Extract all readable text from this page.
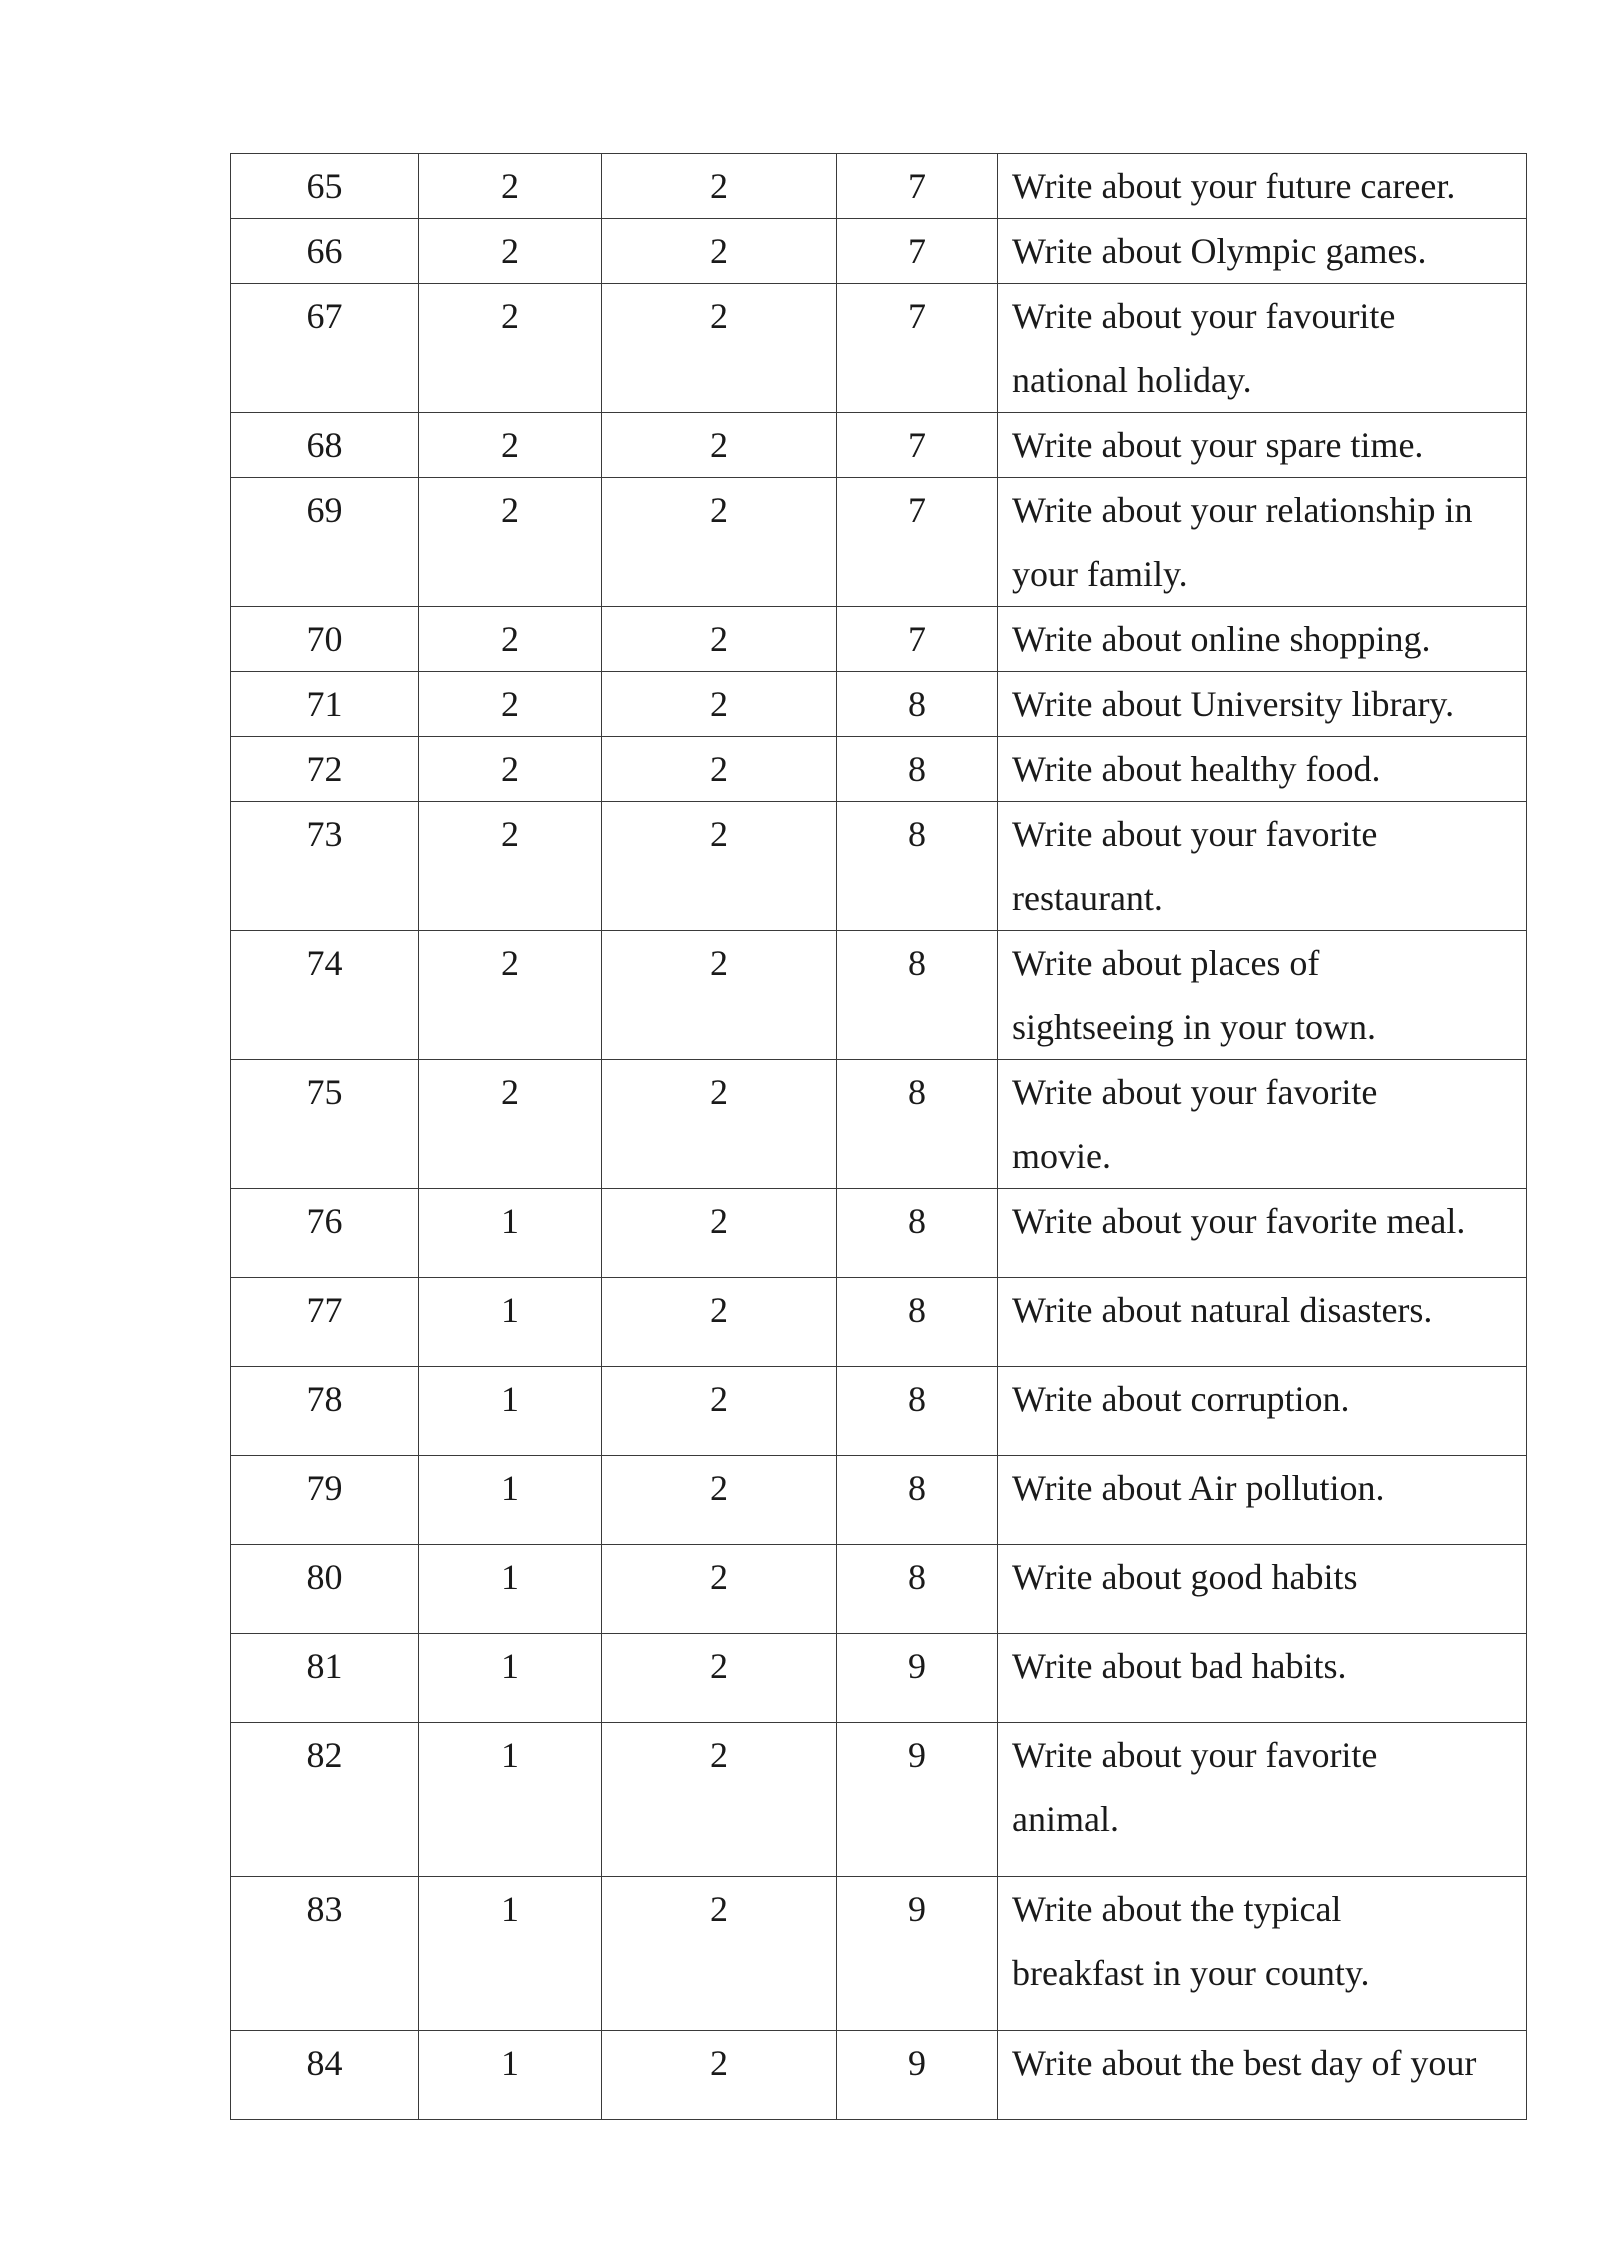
65	2	2	7	Write about your future career.

66	2	2	7	Write about Olympic games.

67	2	2	7	Write about your favourite
national holiday.

68	2	2	7	Write about your spare time.

69	2	2	7	Write about your relationship in
your family.

70	2	2	7	Write about online shopping.

71	2	2	8	Write about University library.

72	2	2	8	Write about healthy food.

73	2	2	8	Write about your favorite
restaurant.

74	2	2	8	Write about places of
sightseeing in your town.

75	2	2	8	Write about your favorite
movie.

76	1	2	8	Write about your favorite meal.

77	1	2	8	Write about natural disasters.

78	1	2	8	Write about corruption.

79	1	2	8	Write about Air pollution.

80	1	2	8	Write about good habits

81	1	2	9	Write about bad habits.

82	1	2	9	Write about your favorite
animal.

83	1	2	9	Write about the typical
breakfast in your county.

84	1	2	9	Write about the best day of your
